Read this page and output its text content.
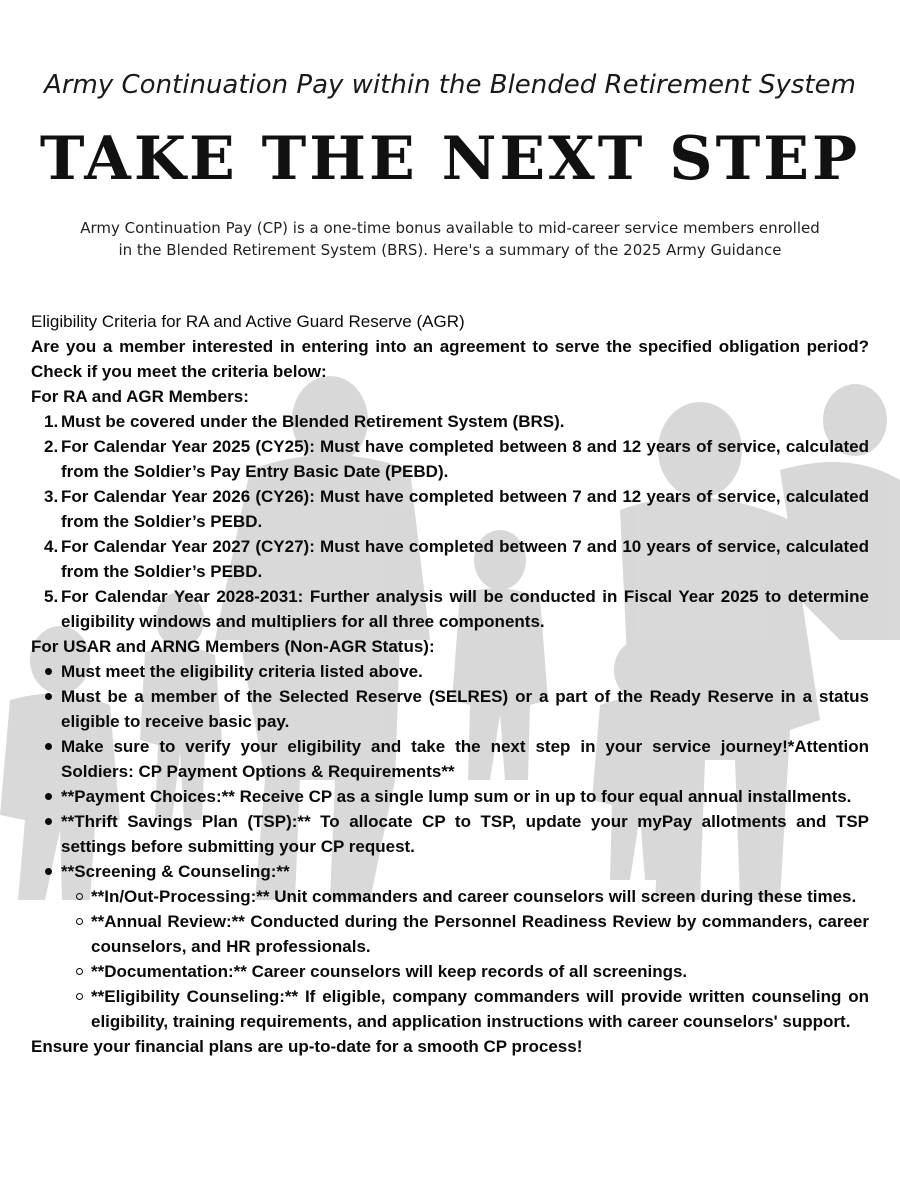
Army Continuation Pay within the Blended Retirement System
TAKE THE NEXT STEP
Army Continuation Pay (CP) is a one-time bonus available to mid-career service members enrolled
in the Blended Retirement System (BRS). Here's a summary of the 2025 Army Guidance

Eligibility Criteria for RA and Active Guard Reserve (AGR)

Are you a member interested in entering into an agreement to serve the specified obligation period? Check if you meet the criteria below:

For RA and AGR Members:

Must be covered under the Blended Retirement System (BRS).
For Calendar Year 2025 (CY25): Must have completed between 8 and 12 years of service, calculated from the Soldier’s Pay Entry Basic Date (PEBD).
For Calendar Year 2026 (CY26): Must have completed between 7 and 12 years of service, calculated from the Soldier’s PEBD.
For Calendar Year 2027 (CY27): Must have completed between 7 and 10 years of service, calculated from the Soldier’s PEBD.
For Calendar Year 2028-2031: Further analysis will be conducted in Fiscal Year 2025 to determine eligibility windows and multipliers for all three components.

For USAR and ARNG Members (Non-AGR Status):

Must meet the eligibility criteria listed above.
Must be a member of the Selected Reserve (SELRES) or a part of the Ready Reserve in a status eligible to receive basic pay.
Make sure to verify your eligibility and take the next step in your service journey!*Attention Soldiers: CP Payment Options & Requirements**
**Payment Choices:** Receive CP as a single lump sum or in up to four equal annual installments.
**Thrift Savings Plan (TSP):** To allocate CP to TSP, update your myPay allotments and TSP settings before submitting your CP request.
**Screening & Counseling:**
**In/Out-Processing:** Unit commanders and career counselors will screen during these times.
**Annual Review:** Conducted during the Personnel Readiness Review by commanders, career counselors, and HR professionals.
**Documentation:** Career counselors will keep records of all screenings.
**Eligibility Counseling:** If eligible, company commanders will provide written counseling on eligibility, training requirements, and application instructions with career counselors' support.

Ensure your financial plans are up-to-date for a smooth CP process!
